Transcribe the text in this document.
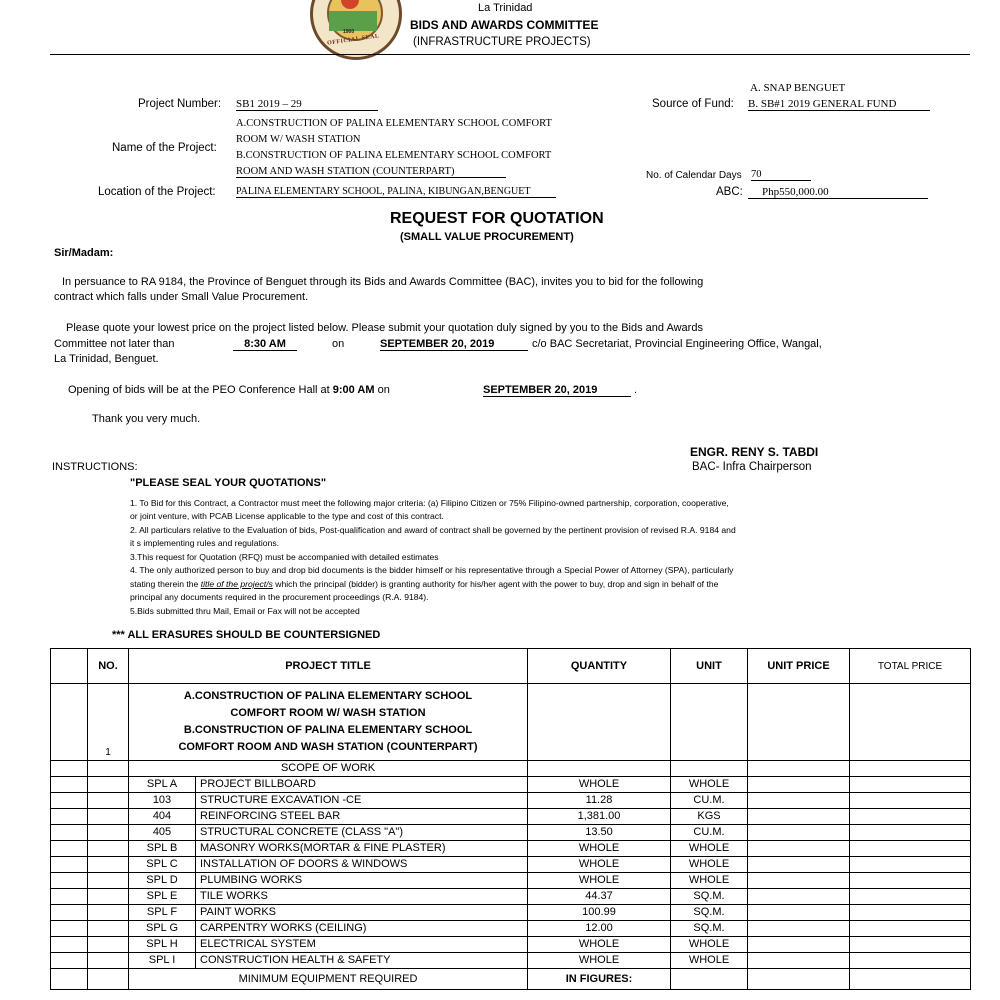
1900
OFFICIAL SEAL
La Trinidad
BIDS AND AWARDS COMMITTEE
(INFRASTRUCTURE PROJECTS)
A. SNAP BENGUET
Project Number: SB1 2019 – 29	Source of Fund: B. SB#1 2019 GENERAL FUND
A.CONSTRUCTION OF PALINA ELEMENTARY SCHOOL COMFORT
ROOM W/ WASH STATION
Name of the Project:
B.CONSTRUCTION OF PALINA ELEMENTARY SCHOOL COMFORT
ROOM AND WASH STATION (COUNTERPART)	No. of Calendar Days 70
Location of the Project: PALINA ELEMENTARY SCHOOL, PALINA, KIBUNGAN,BENGUET	ABC:	Php550,000.00
REQUEST FOR QUOTATION
(SMALL VALUE PROCUREMENT)
Sir/Madam:
In persuance to RA 9184, the Province of Benguet through its Bids and Awards Committee (BAC), invites you to bid for the following
contract which falls under Small Value Procurement.
Please quote your lowest price on the project listed below. Please submit your quotation duly signed by you to the Bids and Awards
Committee not later than	8:30 AM	on	SEPTEMBER 20, 2019	c/o BAC Secretariat, Provincial Engineering Office, Wangal,
La Trinidad, Benguet.
Opening of bids will be at the PEO Conference Hall at 9:00 AM on	SEPTEMBER 20, 2019	.
Thank you very much.
ENGR. RENY S. TABDI
BAC- Infra Chairperson
INSTRUCTIONS:
"PLEASE SEAL YOUR QUOTATIONS"
1. To Bid for this Contract, a Contractor must meet the following major criteria: (a) Filipino Citizen or 75% Filipino-owned partnership, corporation, cooperative,
or joint venture, with PCAB License applicable to the type and cost of this contract.
2. All particulars relative to the Evaluation of bids, Post-qualification and award of contract shall be governed by the pertinent provision of revised R.A. 9184 and
it s implementing rules and regulations.
3.This request for Quotation (RFQ) must be accompanied with detailed estimates
4. The only authorized person to buy and drop bid documents is the bidder himself or his representative through a Special Power of Attorney (SPA), particularly
stating therein the title of the project/s which the principal (bidder) is granting authority for his/her agent with the power to buy, drop and sign in behalf of the
principal any documents required in the procurement proceedings (R.A. 9184).
5.Bids submitted thru Mail, Email or Fax will not be accepted
*** ALL ERASURES SHOULD BE COUNTERSIGNED
	NO.	PROJECT TITLE		QUANTITY	UNIT	UNIT PRICE	TOTAL PRICE
	1	A.CONSTRUCTION OF PALINA ELEMENTARY SCHOOL
COMFORT ROOM W/ WASH STATION
B.CONSTRUCTION OF PALINA ELEMENTARY SCHOOL
COMFORT ROOM AND WASH STATION (COUNTERPART)					

		SCOPE OF WORK					
		SPL A	PROJECT BILLBOARD	WHOLE	WHOLE		
		103	STRUCTURE EXCAVATION -CE	11.28	CU.M.		
		404	REINFORCING STEEL BAR	1,381.00	KGS		
		405	STRUCTURAL CONCRETE (CLASS "A")	13.50	CU.M.		
		SPL B	MASONRY WORKS(MORTAR & FINE PLASTER)	WHOLE	WHOLE		
		SPL C	INSTALLATION OF DOORS & WINDOWS	WHOLE	WHOLE		
		SPL D	PLUMBING WORKS	WHOLE	WHOLE		
		SPL E	TILE WORKS	44.37	SQ.M.		
		SPL F	PAINT WORKS	100.99	SQ.M.		
		SPL G	CARPENTRY WORKS (CEILING)	12.00	SQ.M.		
		SPL H	ELECTRICAL SYSTEM	WHOLE	WHOLE		
		SPL I	CONSTRUCTION HEALTH & SAFETY	WHOLE	WHOLE		
		MINIMUM EQUIPMENT REQUIRED		IN FIGURES:			
